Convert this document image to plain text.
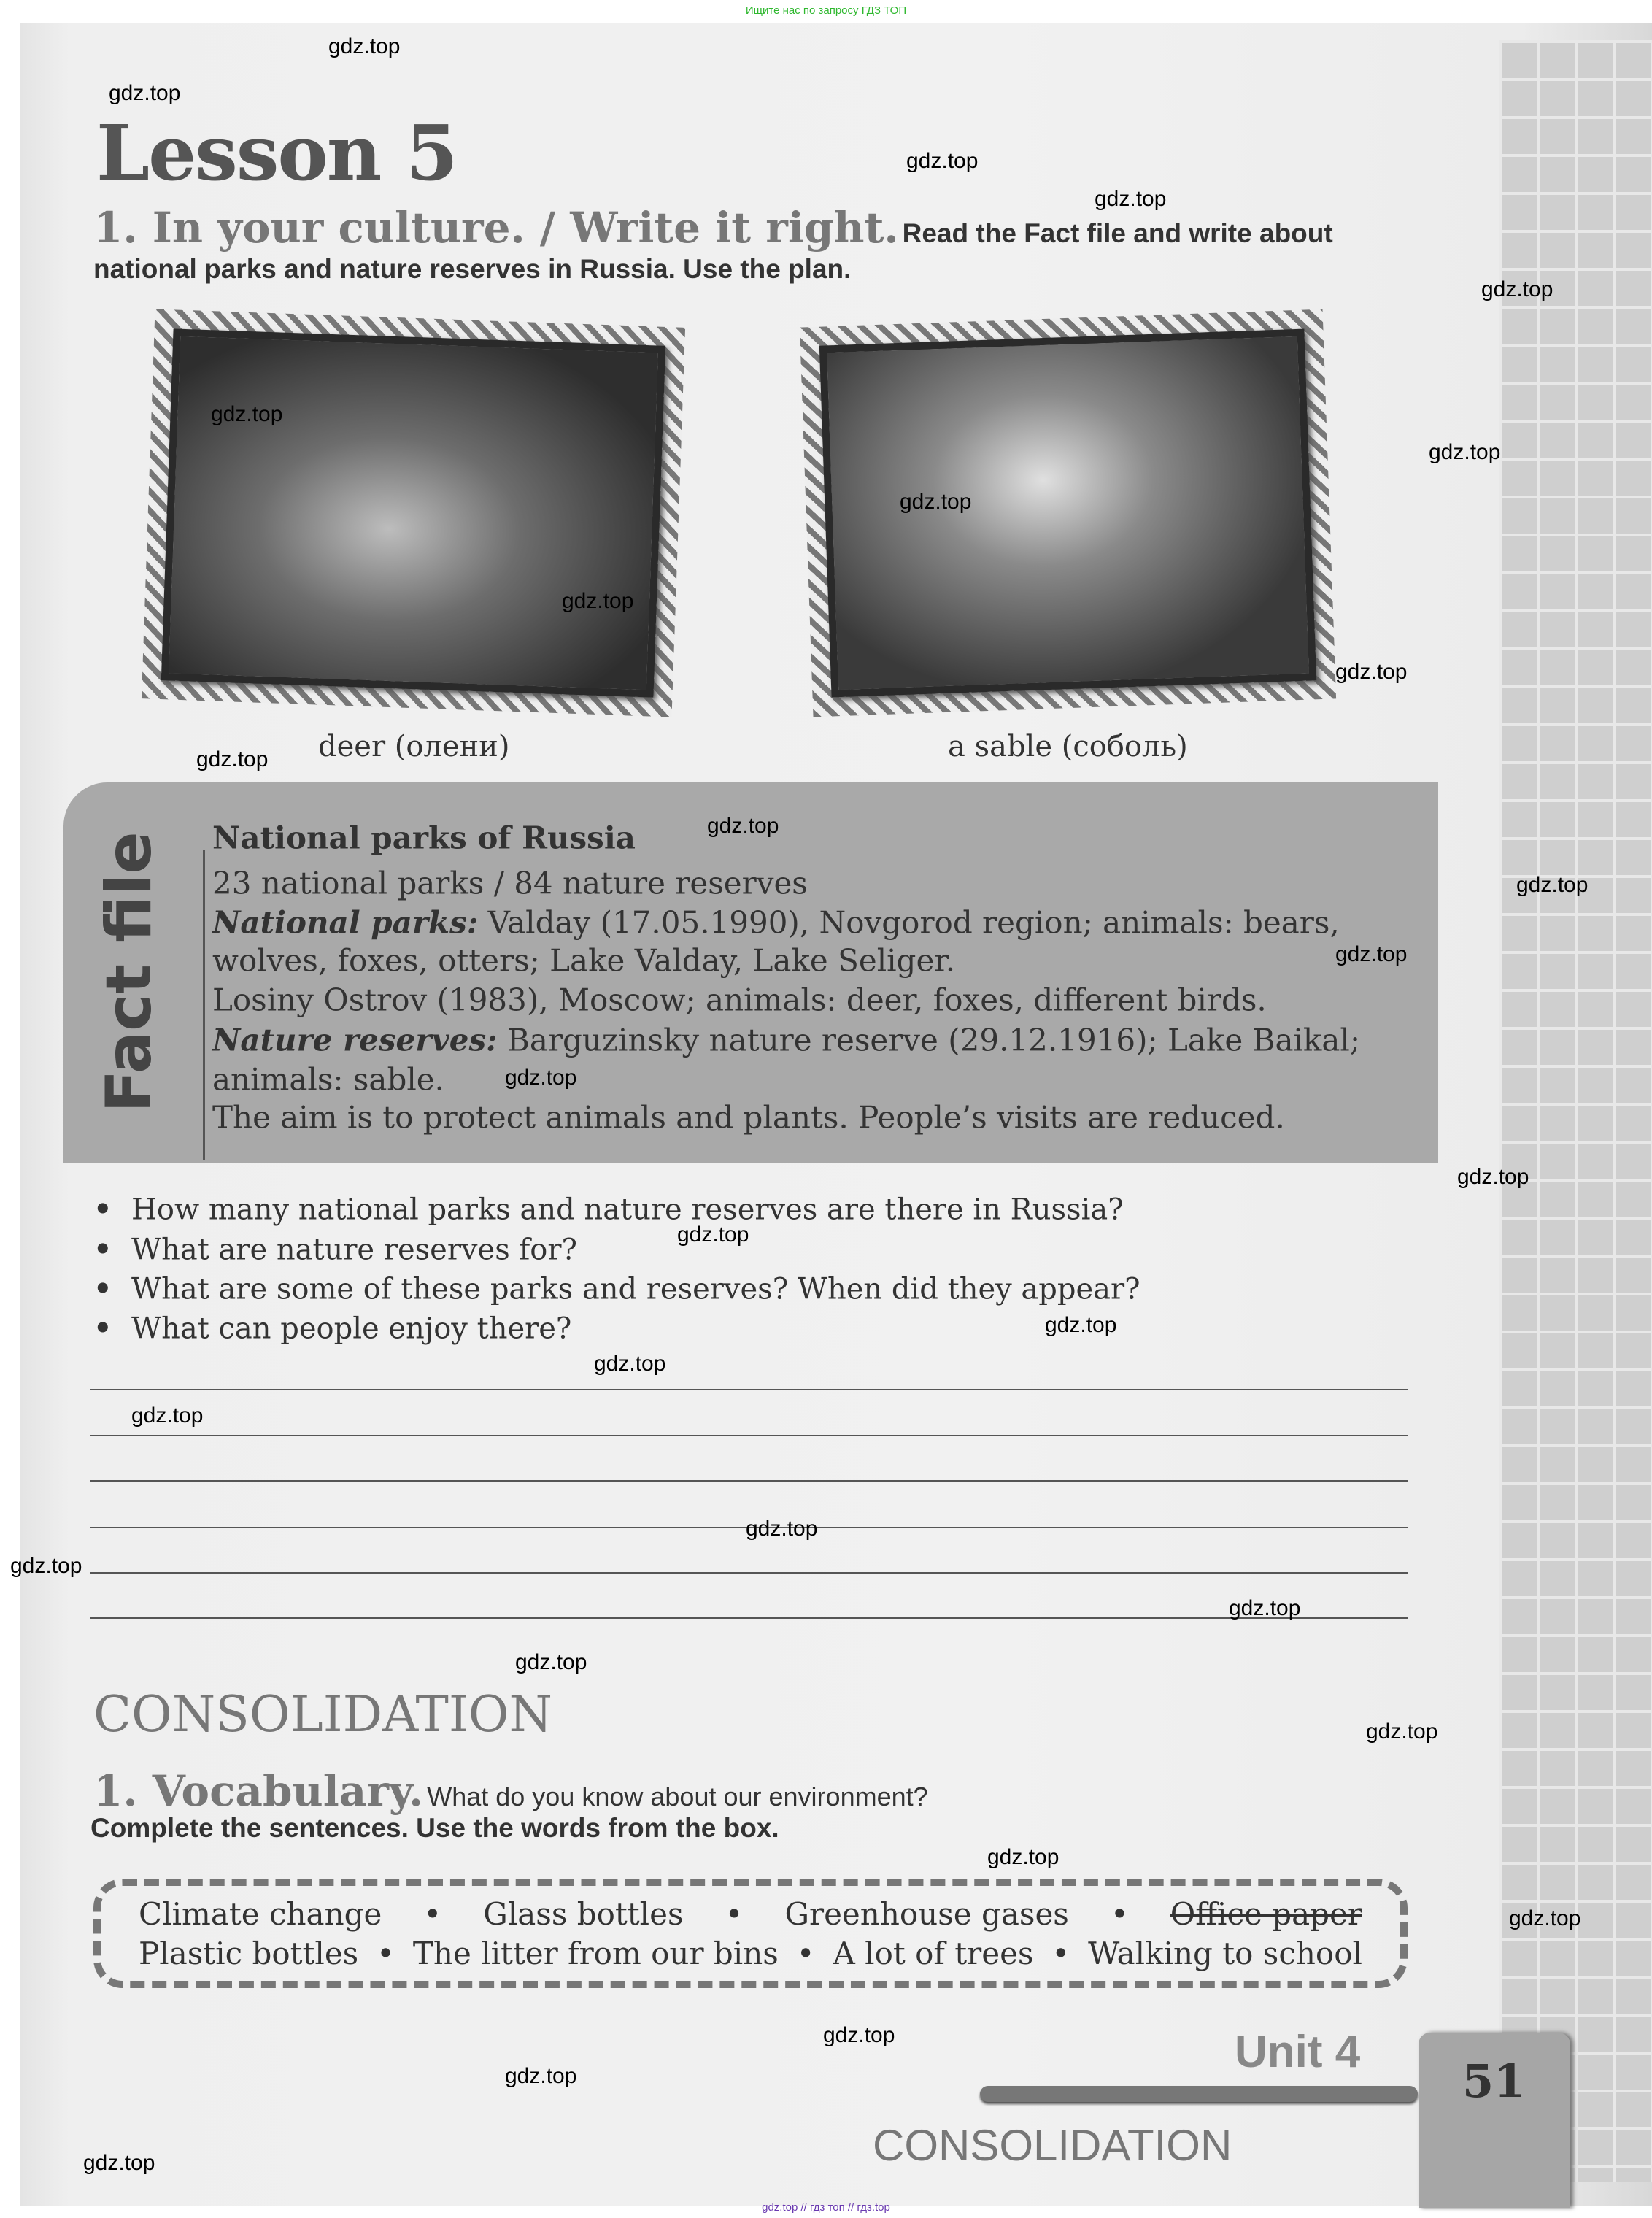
Ищите нас по запросу ГДЗ ТОП
Lesson 5
1. In your culture. / Write it right. Read the Fact file and write about
national parks and nature reserves in Russia. Use the plan.
deer (олени)	a sable (соболь)
Fact file National parks of Russia
23 national parks / 84 nature reserves
National parks: Valday (17.05.1990), Novgorod region; animals: bears,
wolves, foxes, otters; Lake Valday, Lake Seliger.
Losiny Ostrov (1983), Moscow; animals: deer, foxes, different birds.
Nature reserves: Barguzinsky nature reserve (29.12.1916); Lake Baikal;
animals: sable.
The aim is to protect animals and plants. People’s visits are reduced.
• How many national parks and nature reserves are there in Russia?
• What are nature reserves for?
• What are some of these parks and reserves? When did they appear?
• What can people enjoy there?
CONSOLIDATION
1. Vocabulary. What do you know about our environment?
Complete the sentences. Use the words from the box.
Climate change • Glass bottles • Greenhouse gases • Office paper
Plastic bottles • The litter from our bins • A lot of trees • Walking to school
Unit 4
51
CONSOLIDATION
gdz.top
gdz.top
gdz.top
gdz.top
gdz.top
gdz.top
gdz.top
gdz.top
gdz.top
gdz.top
gdz.top
gdz.top
gdz.top
gdz.top
gdz.top
gdz.top
gdz.top
gdz.top
gdz.top
gdz.top
gdz.top
gdz.top
gdz.top
gdz.top
gdz.top
gdz.top
gdz.top
gdz.top
gdz.top
gdz.top
gdz.top // гдз топ // гдз.top
